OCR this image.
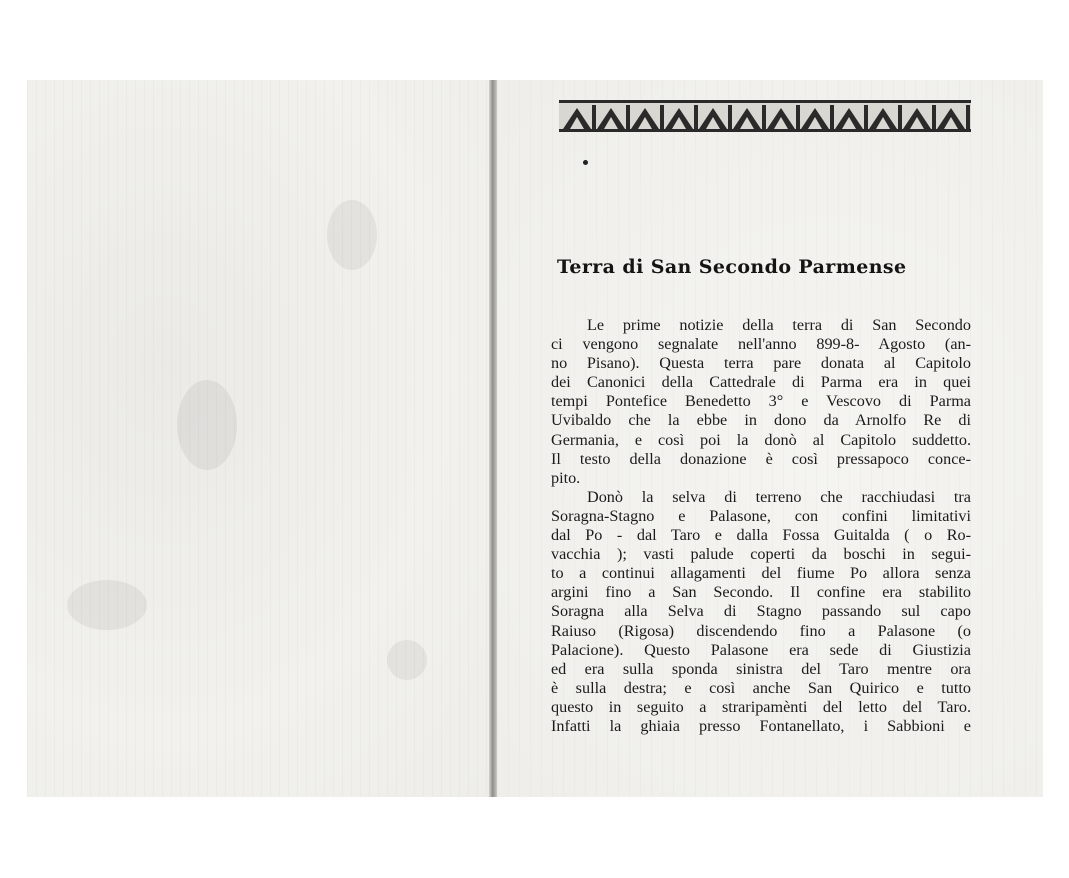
Terra di San Secondo Parmense
Le prime notizie della terra di San Secondo
ci vengono segnalate nell'anno 899-8- Agosto (an-
no Pisano). Questa terra pare donata al Capitolo
dei Canonici della Cattedrale di Parma era in quei
tempi Pontefice Benedetto 3° e Vescovo di Parma
Uvibaldo che la ebbe in dono da Arnolfo Re di
Germania, e così poi la donò al Capitolo suddetto.
Il testo della donazione è così pressapoco conce-
pito.
Donò la selva di terreno che racchiudasi tra
Soragna-Stagno e Palasone, con confini limitativi
dal Po - dal Taro e dalla Fossa Guitalda ( o Ro-
vacchia ); vasti palude coperti da boschi in segui-
to a continui allagamenti del fiume Po allora senza
argini fino a San Secondo. Il confine era stabilito
Soragna alla Selva di Stagno passando sul capo
Raiuso (Rigosa) discendendo fino a Palasone (o
Palacione). Questo Palasone era sede di Giustizia
ed era sulla sponda sinistra del Taro mentre ora
è sulla destra; e così anche San Quirico e tutto
questo in seguito a straripamènti del letto del Taro.
Infatti la ghiaia presso Fontanellato, i Sabbioni e
